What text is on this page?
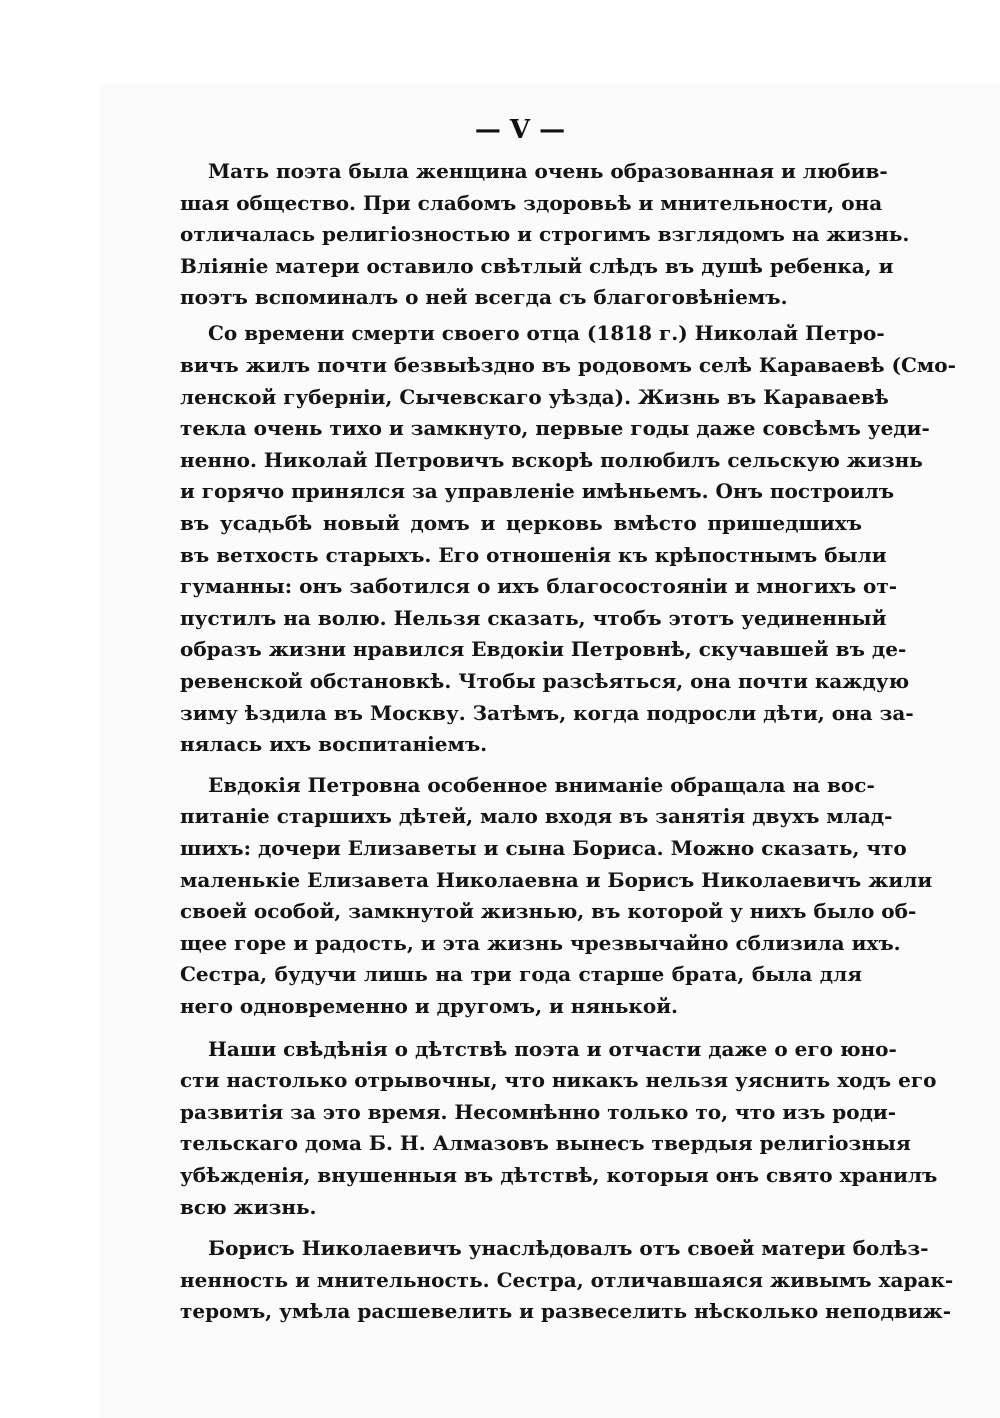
— V —

Мать поэта была женщина очень образованная и любив-
шая общество. При слабомъ здоровьѣ и мнительности, она
отличалась религіозностью и строгимъ взглядомъ на жизнь.
Вліяніе матери оставило свѣтлый слѣдъ въ душѣ ребенка, и
поэтъ вспоминалъ о ней всегда съ благоговѣніемъ.

Со времени смерти своего отца (1818 г.) Николай Петро-
вичъ жилъ почти безвыѣздно въ родовомъ селѣ Караваевѣ (Смо-
ленской губерніи, Сычевскаго уѣзда). Жизнь въ Караваевѣ
текла очень тихо и замкнуто, первые годы даже совсѣмъ уеди-
ненно. Николай Петровичъ вскорѣ полюбилъ сельскую жизнь
и горячо принялся за управленіе имѣньемъ. Онъ построилъ
въ усадьбѣ новый домъ и церковь вмѣсто пришедшихъ
въ ветхость старыхъ. Его отношенія къ крѣпостнымъ были
гуманны: онъ заботился о ихъ благосостояніи и многихъ от-
пустилъ на волю. Нельзя сказать, чтобъ этотъ уединенный
образъ жизни нравился Евдокіи Петровнѣ, скучавшей въ де-
ревенской обстановкѣ. Чтобы разсѣяться, она почти каждую
зиму ѣздила въ Москву. Затѣмъ, когда подросли дѣти, она за-
нялась ихъ воспитаніемъ.

Евдокія Петровна особенное вниманіе обращала на вос-
питаніе старшихъ дѣтей, мало входя въ занятія двухъ млад-
шихъ: дочери Елизаветы и сына Бориса. Можно сказать, что
маленькіе Елизавета Николаевна и Борисъ Николаевичъ жили
своей особой, замкнутой жизнью, въ которой у нихъ было об-
щее горе и радость, и эта жизнь чрезвычайно сблизила ихъ.
Сестра, будучи лишь на три года старше брата, была для
него одновременно и другомъ, и нянькой.

Наши свѣдѣнія о дѣтствѣ поэта и отчасти даже о его юно-
сти настолько отрывочны, что никакъ нельзя уяснить ходъ его
развитія за это время. Несомнѣнно только то, что изъ роди-
тельскаго дома Б. Н. Алмазовъ вынесъ твердыя религіозныя
убѣжденія, внушенныя въ дѣтствѣ, которыя онъ свято хранилъ
всю жизнь.

Борисъ Николаевичъ унаслѣдовалъ отъ своей матери болѣз-
ненность и мнительность. Сестра, отличавшаяся живымъ харак-
теромъ, умѣла расшевелить и развеселить нѣсколько неподвиж-
